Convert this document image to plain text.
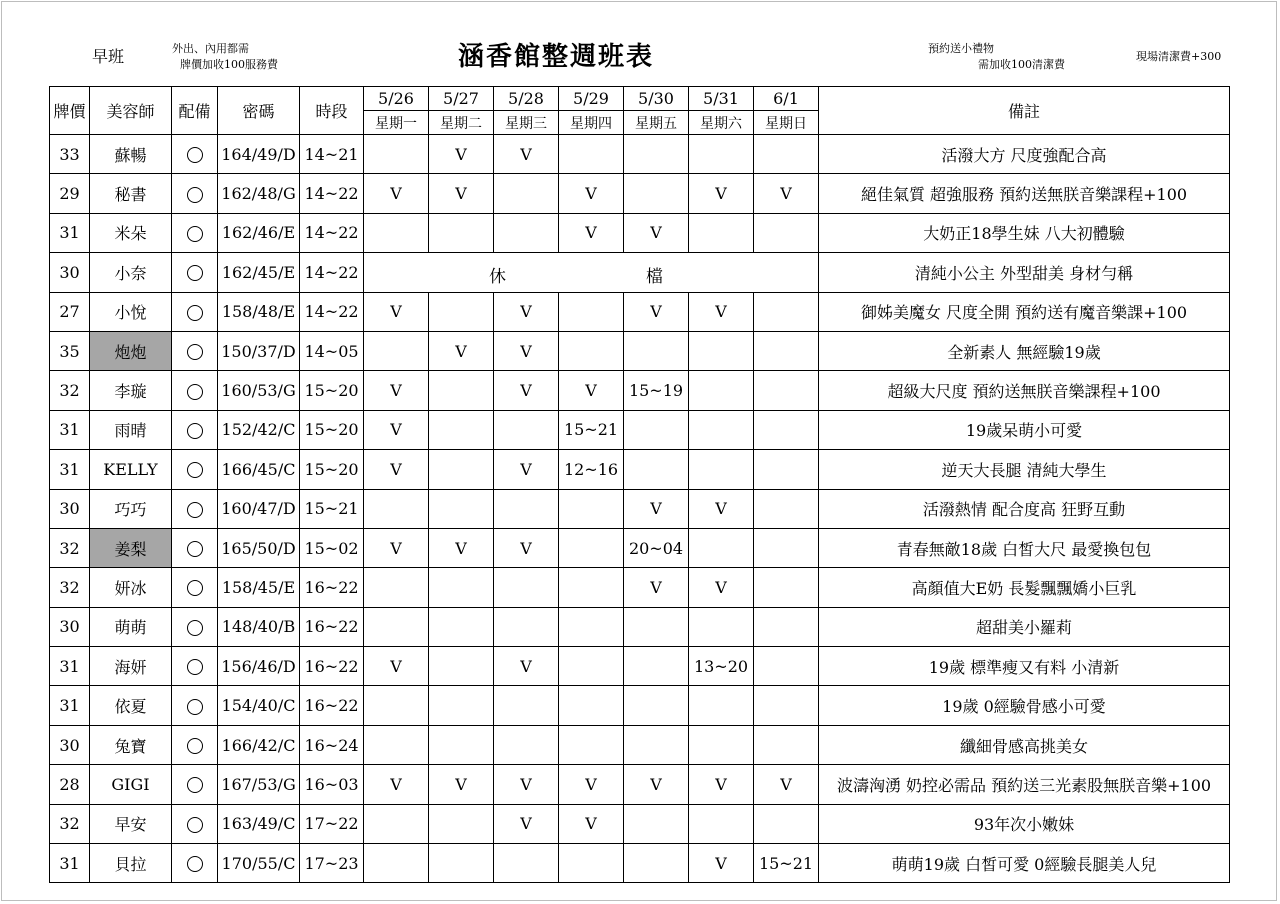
早班	外出、內用都需
牌價加收100服務費	涵香館整週班表	預約送小禮物
需加收100清潔費
現場清潔費+300
牌價	美容師	配備	密碼	時段	5/26	5/27	5/28	5/29	5/30	5/31	6/1	備註
					星期一	星期二	星期三	星期四	星期五	星期六	星期日	
33	蘇暢		164/49/D	14~21		V	V					活潑大方 尺度強配合高
29	秘書		162/48/G	14~22	V	V		V		V	V	絕佳氣質 超強服務 預約送無朕音樂課程+100
31	米朵		162/46/E	14~22				V	V			大奶正18學生妹 八大初體驗
30	小奈		162/45/E	14~22	休 檔							清純小公主 外型甜美 身材勻稱
27	小悅		158/48/E	14~22	V		V		V	V		御姊美魔女 尺度全開 預約送有魔音樂課+100
35	炮炮		150/37/D	14~05		V	V					全新素人 無經驗19歲
32	李璇		160/53/G	15~20	V		V	V	15~19			超級大尺度 預約送無朕音樂課程+100
31	雨晴		152/42/C	15~20	V			15~21				19歲呆萌小可愛
31	KELLY		166/45/C	15~20	V		V	12~16				逆天大長腿 清純大學生
30	巧巧		160/47/D	15~21					V	V		活潑熱情 配合度高 狂野互動
32	姜梨		165/50/D	15~02	V	V	V		20~04			青春無敵18歲 白皙大尺 最愛換包包
32	妍冰		158/45/E	16~22					V	V		高顏值大E奶 長髮飄飄嬌小巨乳
30	萌萌		148/40/B	16~22								超甜美小羅莉
31	海妍		156/46/D	16~22	V		V			13~20		19歲 標準瘦又有料 小清新
31	依夏		154/40/C	16~22								19歲 0經驗骨感小可愛
30	兔寶		166/42/C	16~24								纖細骨感高挑美女
28	GIGI		167/53/G	16~03	V	V	V	V	V	V	V	波濤洶湧 奶控必需品 預約送三光素股無朕音樂+100
32	早安		163/49/C	17~22			V	V				93年次小嫩妹
31	貝拉		170/55/C	17~23						V	15~21	萌萌19歲 白皙可愛 0經驗長腿美人兒
